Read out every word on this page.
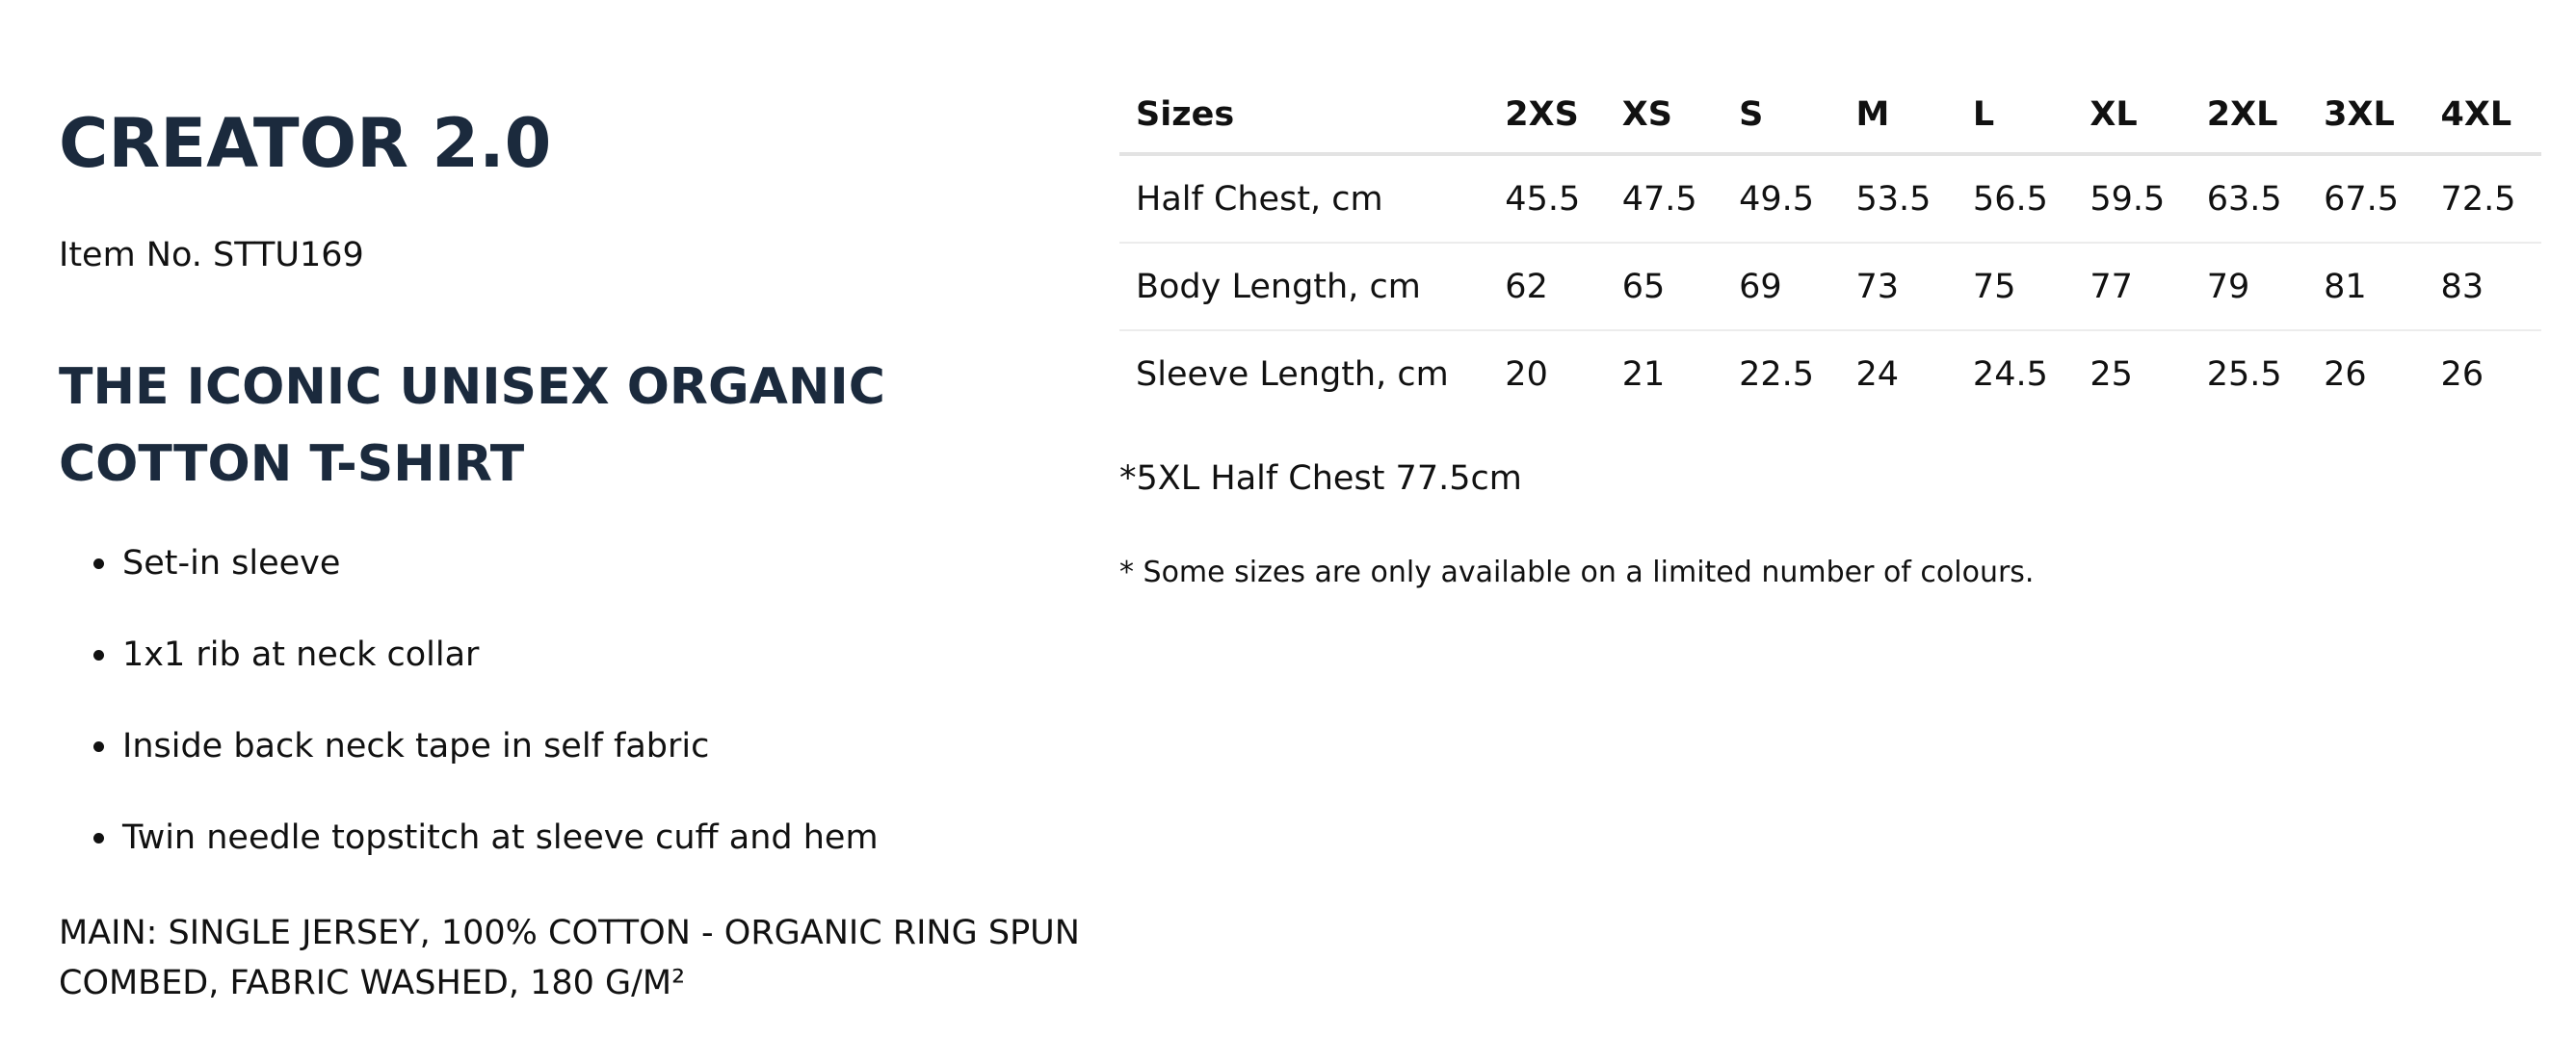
CREATOR 2.0
Item No. STTU169
THE ICONIC UNISEX ORGANIC
COTTON T-SHIRT
Set-in sleeve
1x1 rib at neck collar
Inside back neck tape in self fabric
Twin needle topstitch at sleeve cuff and hem
MAIN: SINGLE JERSEY, 100% COTTON - ORGANIC RING SPUN
COMBED, FABRIC WASHED, 180 G/M²
Sizes	2XS	XS	S	M	L	XL	2XL	3XL	4XL
Half Chest, cm	45.5	47.5	49.5	53.5	56.5	59.5	63.5	67.5	72.5
Body Length, cm	62	65	69	73	75	77	79	81	83
Sleeve Length, cm	20	21	22.5	24	24.5	25	25.5	26	26
*5XL Half Chest 77.5cm
* Some sizes are only available on a limited number of colours.
